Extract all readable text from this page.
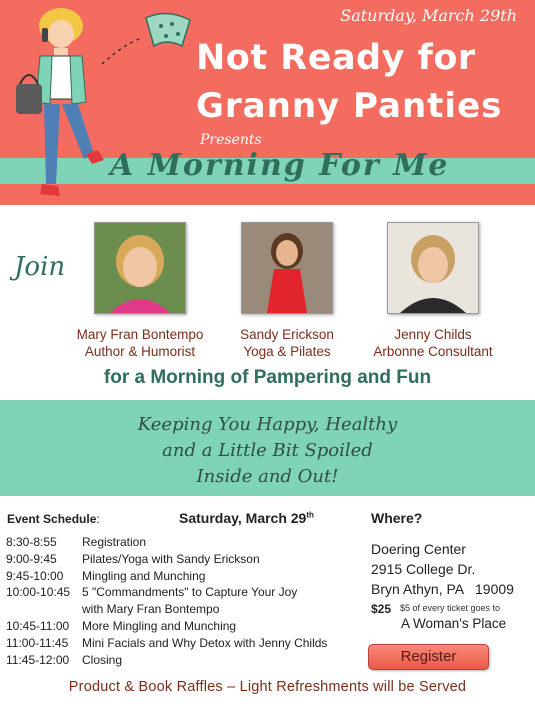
Saturday, March 29th
Not Ready for
Granny Panties
Presents
A Morning For Me
Join
Mary Fran Bontempo
Author & Humorist
Sandy Erickson
Yoga & Pilates
Jenny Childs
Arbonne Consultant
for a Morning of Pampering and Fun
Keeping You Happy, Healthy
and a Little Bit Spoiled
Inside and Out!
Event Schedule:	Saturday, March 29th
8:30-8:55 Registration
9:00-9:45 Pilates/Yoga with Sandy Erickson
9:45-10:00 Mingling and Munching
10:00-10:45 5 "Commandments" to Capture Your Joy
with Mary Fran Bontempo
10:45-11:00 More Mingling and Munching
11:00-11:45 Mini Facials and Why Detox with Jenny Childs
11:45-12:00 Closing
Where?
Doering Center
2915 College Dr.
Bryn Athyn, PA   19009
$25 $5 of every ticket goes to
A Woman's Place
Register
Product & Book Raffles – Light Refreshments will be Served
